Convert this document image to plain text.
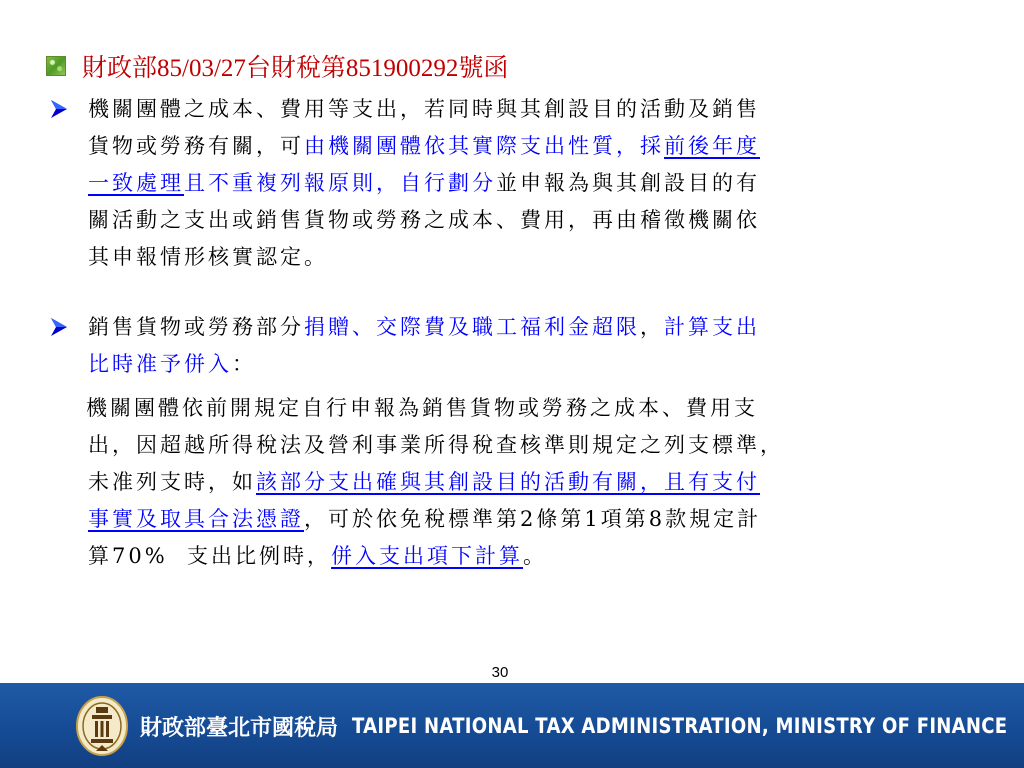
財政部85/03/27台財稅第851900292號函
機關團體之成本、費用等支出，若同時與其創設目的活動及銷售
貨物或勞務有關，可由機關團體依其實際支出性質，採前後年度
一致處理且不重複列報原則，自行劃分並申報為與其創設目的有
關活動之支出或銷售貨物或勞務之成本、費用，再由稽徵機關依
其申報情形核實認定。
銷售貨物或勞務部分捐贈、交際費及職工福利金超限，計算支出
比時准予併入：
機關團體依前開規定自行申報為銷售貨物或勞務之成本、費用支
出，因超越所得稅法及營利事業所得稅查核準則規定之列支標準，
未准列支時，如該部分支出確與其創設目的活動有關，且有支付
事實及取具合法憑證，可於依免稅標準第2條第1項第8款規定計
算70%  支出比例時，併入支出項下計算。
30
財政部臺北市國稅局 TAIPEI NATIONAL TAX ADMINISTRATION, MINISTRY OF FINANCE
